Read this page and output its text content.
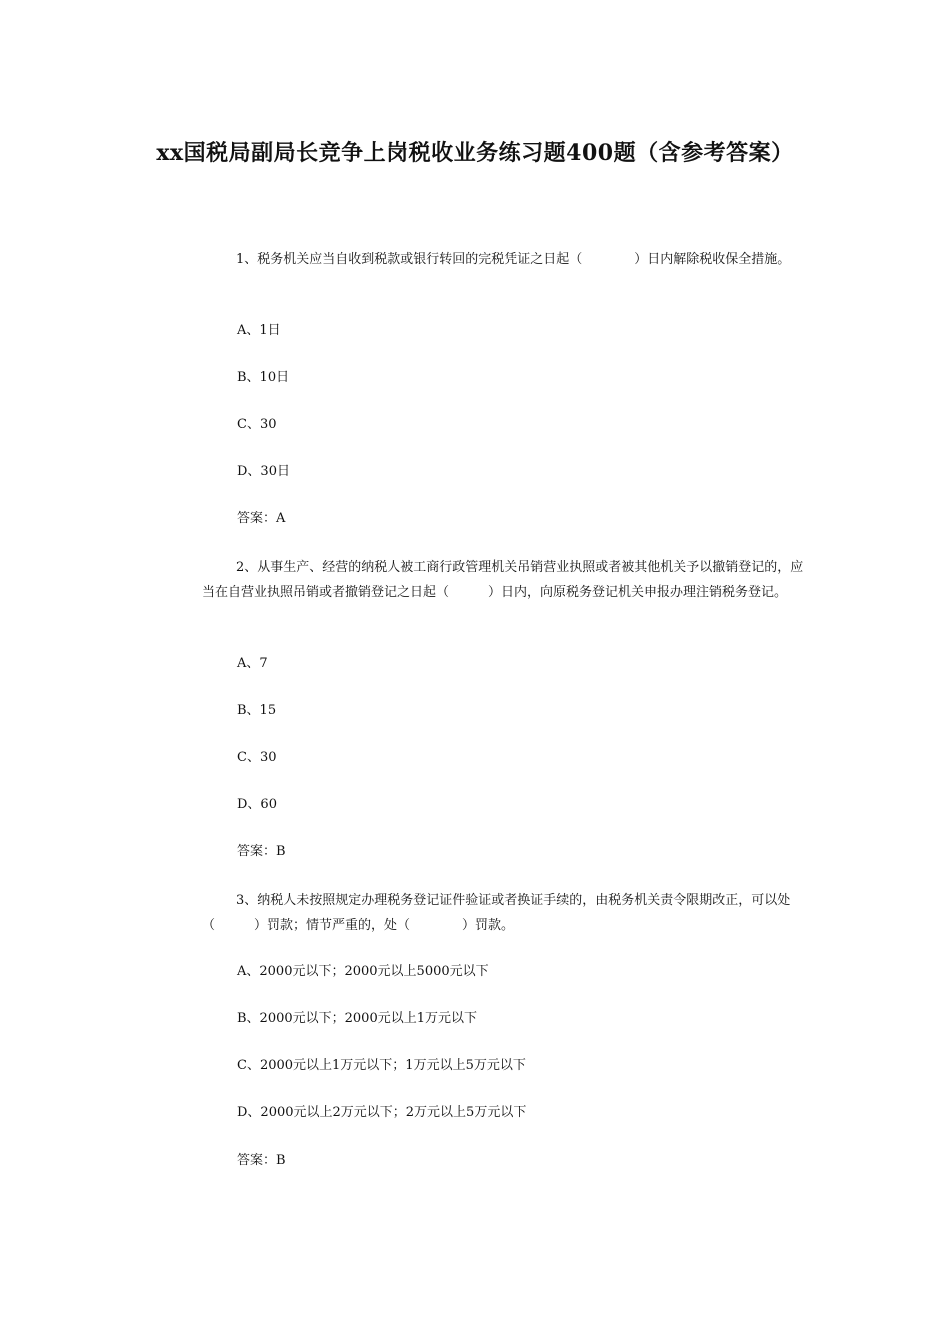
xx国税局副局长竞争上岗税收业务练习题400题（含参考答案）
1、税务机关应当自收到税款或银行转回的完税凭证之日起（　　　　）日内解除税收保全措施。
A、1日
B、10日
C、30
D、30日
答案：A
2、从事生产、经营的纳税人被工商行政管理机关吊销营业执照或者被其他机关予以撤销登记的，应当在自营业执照吊销或者撤销登记之日起（　　　）日内，向原税务登记机关申报办理注销税务登记。
A、7
B、15
C、30
D、60
答案：B
3、纳税人未按照规定办理税务登记证件验证或者换证手续的，由税务机关责令限期改正，可以处（　　　）罚款；情节严重的，处（　　　　）罚款。
A、2000元以下；2000元以上5000元以下
B、2000元以下；2000元以上1万元以下
C、2000元以上1万元以下；1万元以上5万元以下
D、2000元以上2万元以下；2万元以上5万元以下
答案：B
